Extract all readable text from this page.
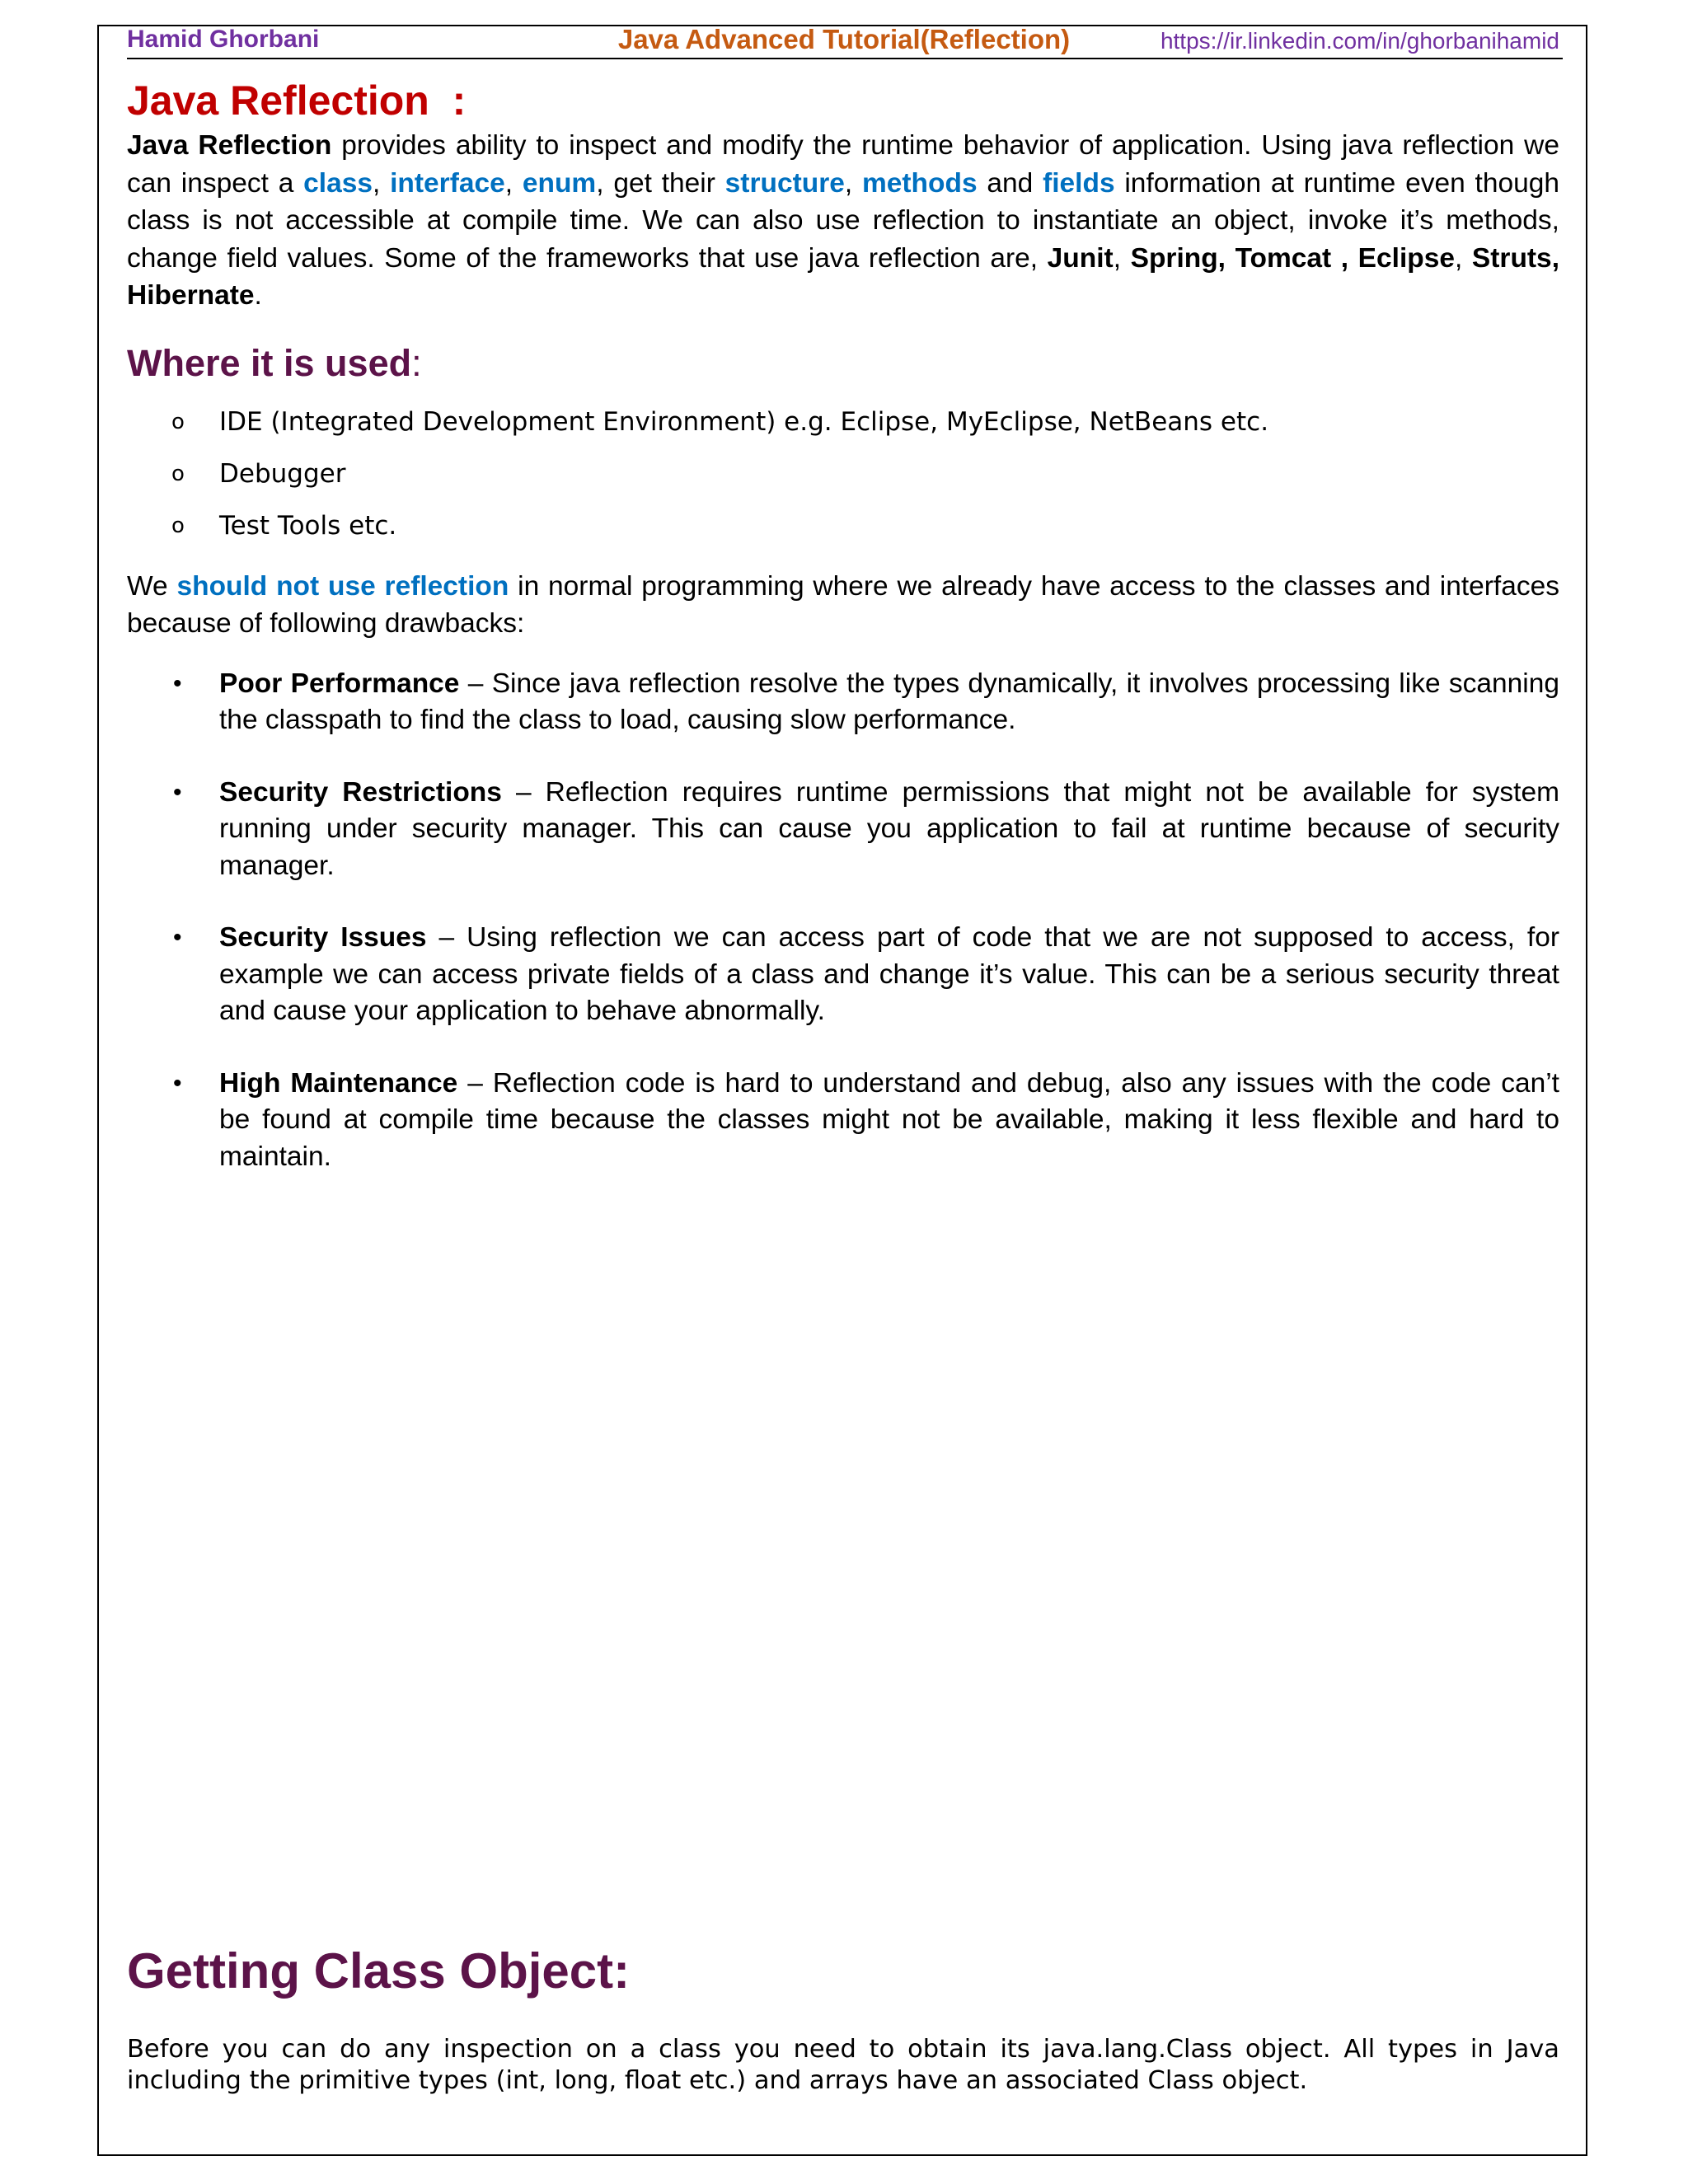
Hamid Ghorbani	Java Advanced Tutorial(Reflection)	https://ir.linkedin.com/in/ghorbanihamid
Java Reflection  :

Java Reflection provides ability to inspect and modify the runtime behavior of application. Using java reflection we can inspect a class, interface, enum, get their structure, methods and fields information at runtime even though class is not accessible at compile time. We can also use reflection to instantiate an object, invoke it’s methods, change field values. Some of the frameworks that use java reflection are, Junit, Spring, Tomcat , Eclipse, Struts, Hibernate.

Where it is used:
o IDE (Integrated Development Environment) e.g. Eclipse, MyEclipse, NetBeans etc.
o Debugger
o Test Tools etc.

We should not use reflection in normal programming where we already have access to the classes and interfaces because of following drawbacks:

• Poor Performance – Since java reflection resolve the types dynamically, it involves processing like scanning the classpath to find the class to load, causing slow performance.
• Security Restrictions – Reflection requires runtime permissions that might not be available for system running under security manager. This can cause you application to fail at runtime because of security manager.
• Security Issues – Using reflection we can access part of code that we are not supposed to access, for example we can access private fields of a class and change it’s value. This can be a serious security threat and cause your application to behave abnormally.
• High Maintenance – Reflection code is hard to understand and debug, also any issues with the code can’t be found at compile time because the classes might not be available, making it less flexible and hard to maintain.
Getting Class Object:

Before you can do any inspection on a class you need to obtain its java.lang.Class object. All types in Java including the primitive types (int, long, float etc.) and arrays have an associated Class object.
